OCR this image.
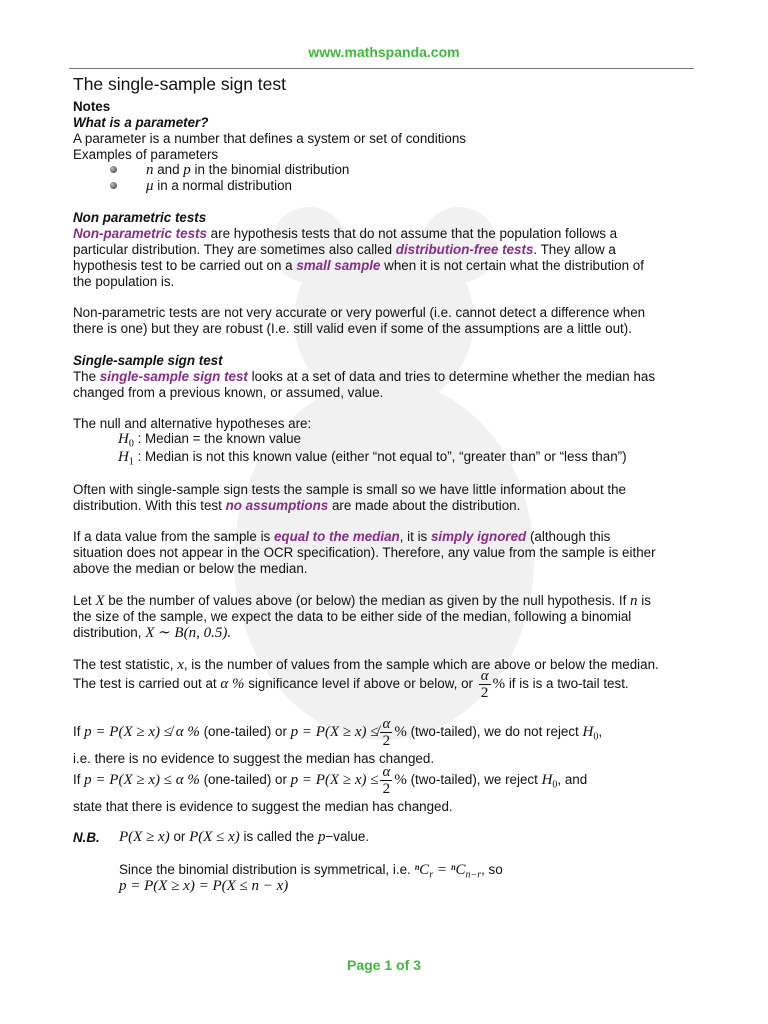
www.mathspanda.com
The single-sample sign test
Notes
What is a parameter?
A parameter is a number that defines a system or set of conditions
Examples of parameters
n and p in the binomial distribution
μ in a normal distribution
Non parametric tests
Non-parametric tests are hypothesis tests that do not assume that the population follows a
particular distribution. They are sometimes also called distribution-free tests. They allow a
hypothesis test to be carried out on a small sample when it is not certain what the distribution of
the population is.
Non-parametric tests are not very accurate or very powerful (i.e. cannot detect a difference when
there is one) but they are robust (I.e. still valid even if some of the assumptions are a little out).
Single-sample sign test
The single-sample sign test looks at a set of data and tries to determine whether the median has
changed from a previous known, or assumed, value.
The null and alternative hypotheses are:
$H_0$ : Median = the known value
$H_1$ : Median is not this known value (either “not equal to”, “greater than” or “less than”)
Often with single-sample sign tests the sample is small so we have little information about the
distribution. With this test no assumptions are made about the distribution.
If a data value from the sample is equal to the median, it is simply ignored (although this
situation does not appear in the OCR specification). Therefore, any value from the sample is either
above the median or below the median.
Let X be the number of values above (or below) the median as given by the null hypothesis. If n is
the size of the sample, we expect the data to be either side of the median, following a binomial
distribution, X ∼ B(n, 0.5).
The test statistic, x, is the number of values from the sample which are above or below the median.
The test is carried out at α % significance level if above or below, or $\frac{\alpha}{2}$ % if is is a two-tail test.
If p = P(X ≥ x) ≰ α % (one-tailed) or p = P(X ≥ x) ≰ $\frac{\alpha}{2}$ % (two-tailed), we do not reject $H_0$,
i.e. there is no evidence to suggest the median has changed.
If p = P(X ≥ x) ≤ α % (one-tailed) or $p = P(X \ge x) \le \frac{\alpha}{2}$ % (two-tailed), we reject $H_0$, and
state that there is evidence to suggest the median has changed.
N.B. P(X ≥ x) or P(X ≤ x) is called the p−value.
Since the binomial distribution is symmetrical, i.e. ⁿC$_r$ = ⁿC$_{n-r}$, so
p = P(X ≥ x) = P(X ≤ n − x)
Page 1 of 3
